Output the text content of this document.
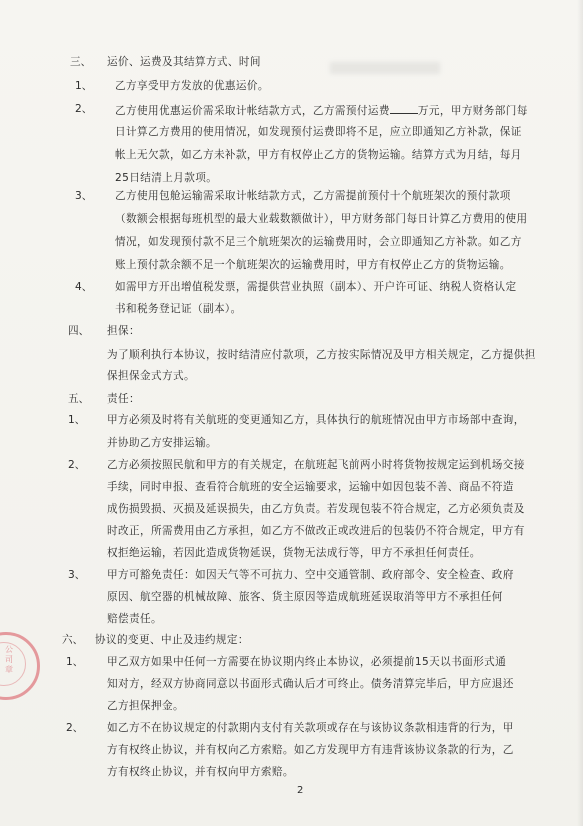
公司章
三、 运价、运费及其结算方式、时间
1、 乙方享受甲方发放的优惠运价。
2、 乙方使用优惠运价需采取计帐结款方式，乙方需预付运费	万元，甲方财务部门每
日计算乙方费用的使用情况，如发现预付运费即将不足，应立即通知乙方补款，保证
帐上无欠款，如乙方未补款，甲方有权停止乙方的货物运输。结算方式为月结，每月
25日结清上月款项。
3、 乙方使用包舱运输需采取计帐结款方式，乙方需提前预付十个航班架次的预付款项
（数额会根据每班机型的最大业载数额做计），甲方财务部门每日计算乙方费用的使用
情况，如发现预付款不足三个航班架次的运输费用时，会立即通知乙方补款。如乙方
账上预付款余额不足一个航班架次的运输费用时，甲方有权停止乙方的货物运输。
4、 如需甲方开出增值税发票，需提供营业执照（副本）、开户许可证、纳税人资格认定
书和税务登记证（副本）。
四、 担保：
为了顺利执行本协议，按时结清应付款项，乙方按实际情况及甲方相关规定，乙方提供担
保担保金式方式。
五、 责任：
1、 甲方必须及时将有关航班的变更通知乙方，具体执行的航班情况由甲方市场部中查询，
并协助乙方安排运输。
2、 乙方必须按照民航和甲方的有关规定，在航班起飞前两小时将货物按规定运到机场交接
手续，同时申报、查看符合航班的安全运输要求，运输中如因包装不善、商品不符造
成伤损毁损、灭损及延误损失，由乙方负责。若发现包装不符合规定，乙方必须负责及
时改正，所需费用由乙方承担，如乙方不做改正或改进后的包装仍不符合规定，甲方有
权拒绝运输，若因此造成货物延误，货物无法成行等，甲方不承担任何责任。
3、 甲方可豁免责任：如因天气等不可抗力、空中交通管制、政府部令、安全检查、政府
原因、航空器的机械故障、旅客、货主原因等造成航班延误取消等甲方不承担任何
赔偿责任。
六、 协议的变更、中止及违约规定：
1、 甲乙双方如果中任何一方需要在协议期内终止本协议，必须提前15天以书面形式通
知对方，经双方协商同意以书面形式确认后才可终止。债务清算完毕后，甲方应退还
乙方担保押金。
2、 如乙方不在协议规定的付款期内支付有关款项或存在与该协议条款相违背的行为，甲
方有权终止协议，并有权向乙方索赔。如乙方发现甲方有违背该协议条款的行为，乙
方有权终止协议，并有权向甲方索赔。
2
